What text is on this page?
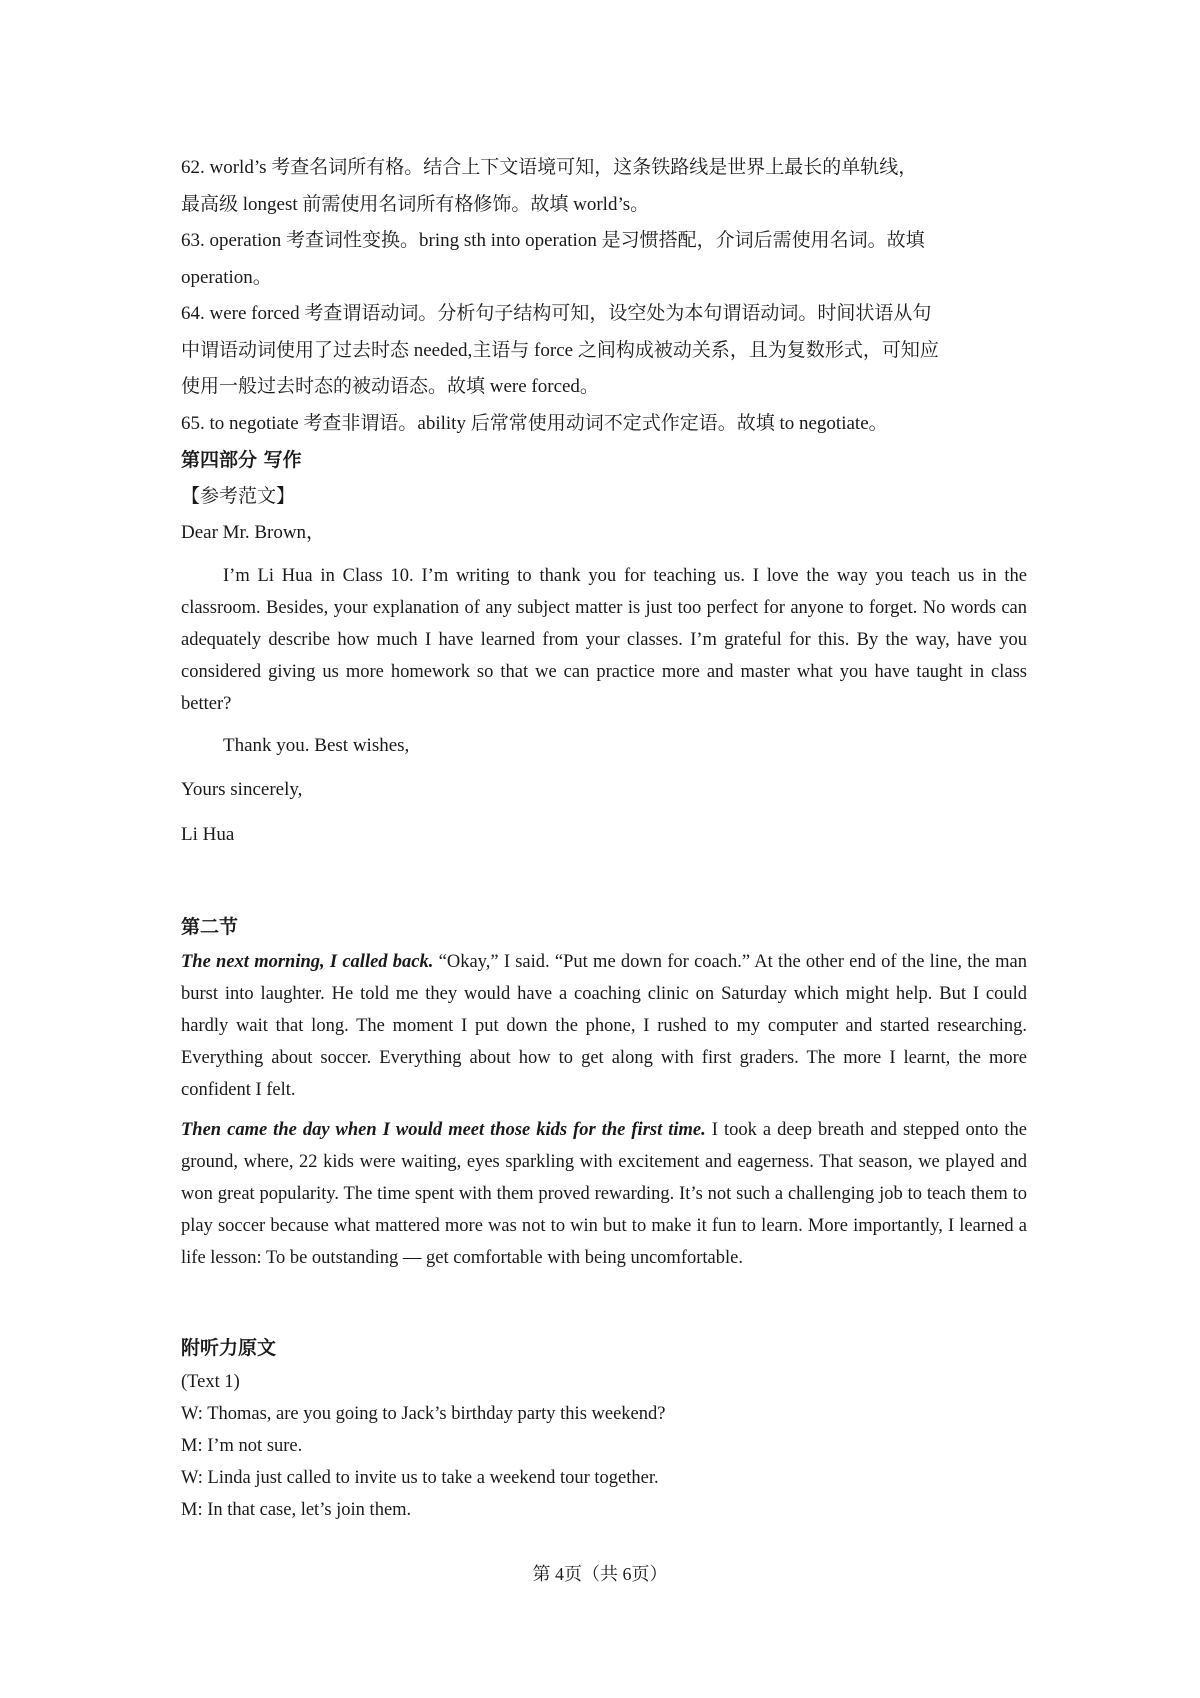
62. world’s 考查名词所有格。结合上下文语境可知，这条铁路线是世界上最长的单轨线，
最高级 longest 前需使用名词所有格修饰。故填 world’s。
63. operation 考查词性变换。bring sth into operation 是习惯搭配，介词后需使用名词。故填
operation。
64. were forced 考查谓语动词。分析句子结构可知，设空处为本句谓语动词。时间状语从句
中谓语动词使用了过去时态 needed,主语与 force 之间构成被动关系，且为复数形式，可知应
使用一般过去时态的被动语态。故填 were forced。
65. to negotiate 考查非谓语。ability 后常常使用动词不定式作定语。故填 to negotiate。
第四部分 写作
【参考范文】
Dear Mr. Brown，
I’m Li Hua in Class 10. I’m writing to thank you for teaching us. I love the way you teach us in the classroom. Besides, your explanation of any subject matter is just too perfect for anyone to forget. No words can adequately describe how much I have learned from your classes. I’m grateful for this. By the way, have you considered giving us more homework so that we can practice more and master what you have taught in class better?
Thank you. Best wishes,
Yours sincerely,
Li Hua
第二节
The next morning, I called back. “Okay,” I said. “Put me down for coach.” At the other end of the line, the man burst into laughter. He told me they would have a coaching clinic on Saturday which might help. But I could hardly wait that long. The moment I put down the phone, I rushed to my computer and started researching. Everything about soccer. Everything about how to get along with first graders. The more I learnt, the more confident I felt.
Then came the day when I would meet those kids for the first time. I took a deep breath and stepped onto the ground, where, 22 kids were waiting, eyes sparkling with excitement and eagerness. That season, we played and won great popularity. The time spent with them proved rewarding. It’s not such a challenging job to teach them to play soccer because what mattered more was not to win but to make it fun to learn. More importantly, I learned a life lesson: To be outstanding — get comfortable with being uncomfortable.
附听力原文
(Text 1)
W: Thomas, are you going to Jack’s birthday party this weekend?
M: I’m not sure.
W: Linda just called to invite us to take a weekend tour together.
M: In that case, let’s join them.
第 4页（共 6页）
